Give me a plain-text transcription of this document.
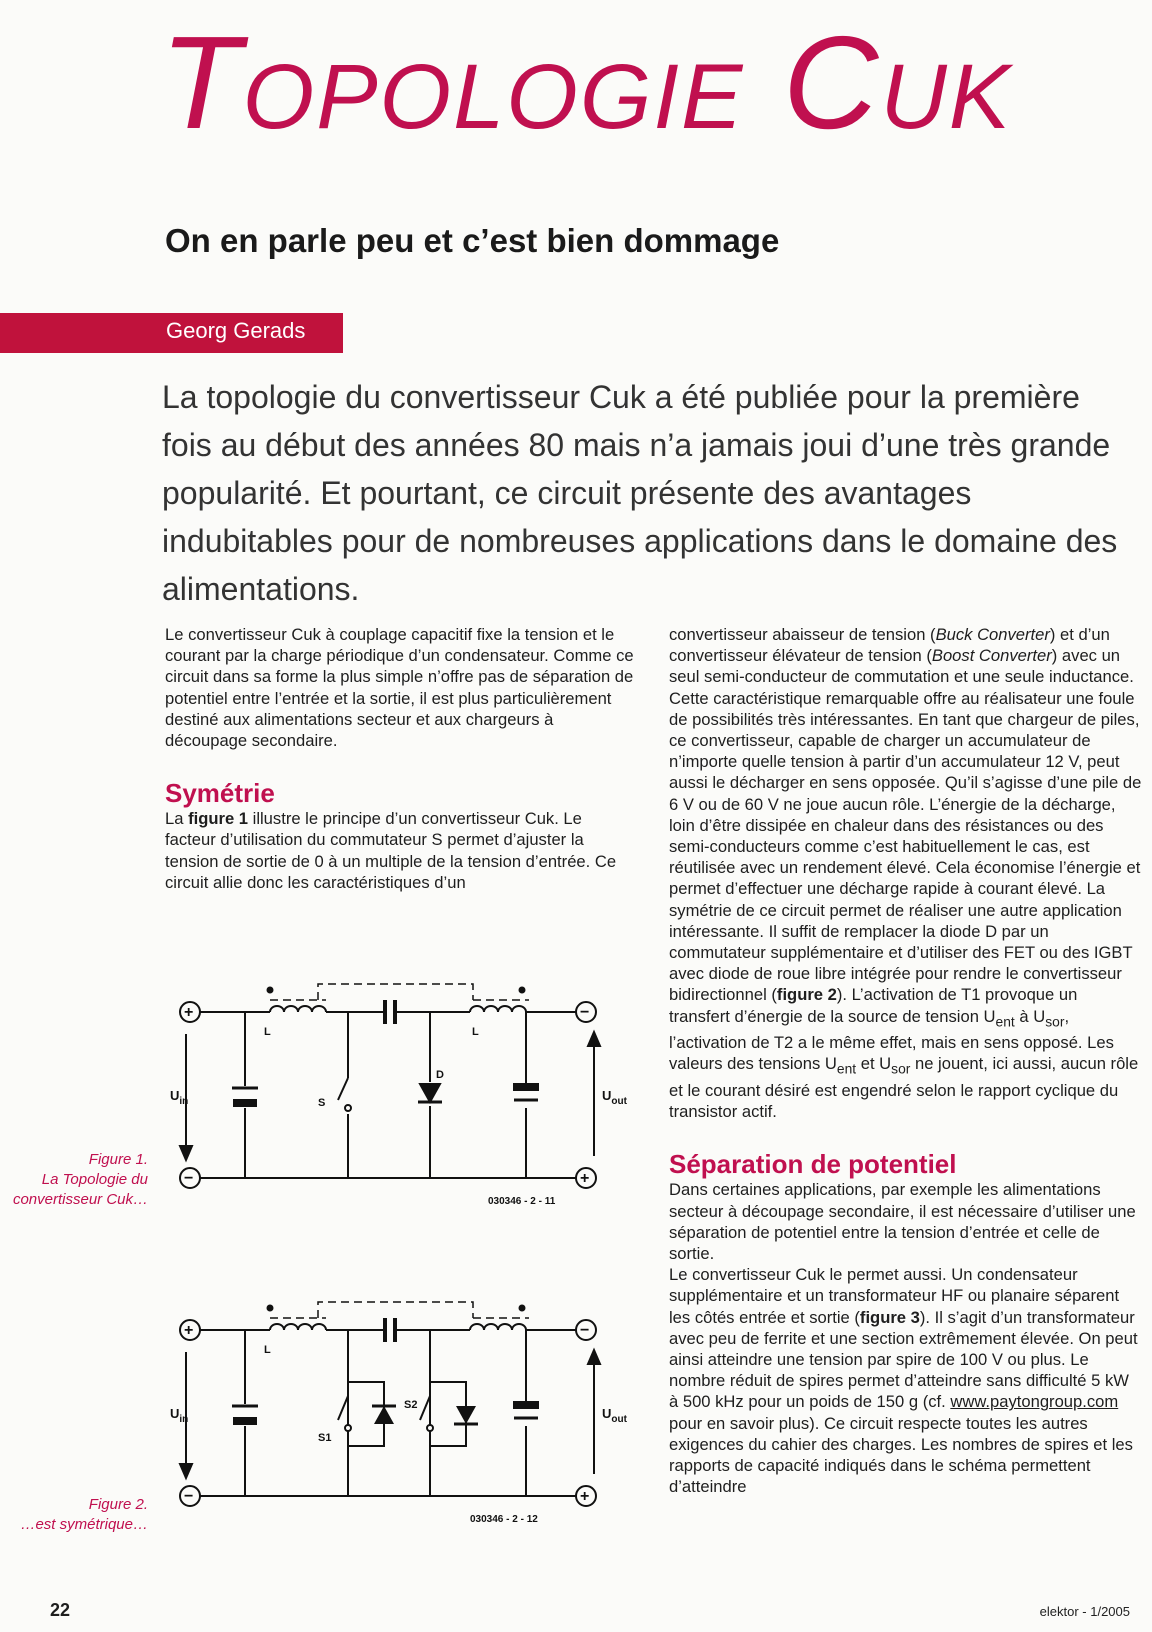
Topologie Cuk
On en parle peu et c’est bien dommage
Georg Gerads
La topologie du convertisseur Cuk a été publiée pour la première fois au début des années 80 mais n’a jamais joui d’une très grande popularité. Et pourtant, ce circuit présente des avantages indubitables pour de nombreuses applications dans le domaine des alimentations.

Le convertisseur Cuk à couplage capacitif fixe la tension et le courant par la charge périodique d’un condensateur. Comme ce circuit dans sa forme la plus simple n’offre pas de séparation de potentiel entre l’entrée et la sortie, il est plus particulièrement destiné aux alimentations secteur et aux chargeurs à découpage secondaire.

Symétrie

La figure 1 illustre le principe d’un convertisseur Cuk. Le facteur d’utilisation du commutateur S permet d’ajuster la tension de sortie de 0 à un multiple de la tension d’entrée. Ce circuit allie donc les caractéristiques d’un

convertisseur abaisseur de tension (Buck Converter) et d’un convertisseur élévateur de tension (Boost Converter) avec un seul semi-conducteur de commutation et une seule inductance. Cette caractéristique remarquable offre au réalisateur une foule de possibilités très intéressantes. En tant que chargeur de piles, ce convertisseur, capable de charger un accumulateur de n’importe quelle tension à partir d’un accumulateur 12 V, peut aussi le décharger en sens opposée. Qu’il s’agisse d’une pile de 6 V ou de 60 V ne joue aucun rôle. L’énergie de la décharge, loin d’être dissipée en chaleur dans des résistances ou des semi-conducteurs comme c’est habituellement le cas, est réutilisée avec un rendement élevé. Cela économise l’énergie et permet d’effectuer une décharge rapide à courant élevé. La symétrie de ce circuit permet de réaliser une autre application intéressante. Il suffit de remplacer la diode D par un commutateur supplémentaire et d’utiliser des FET ou des IGBT avec diode de roue libre intégrée pour rendre le convertisseur bidirectionnel (figure 2). L’activation de T1 provoque un transfert d’énergie de la source de tension $U_{ent}$ à $U_{sor}$, l’activation de T2 a le même effet, mais en sens opposé. Les valeurs des tensions $U_{ent}$ et $U_{sor}$ ne jouent, ici aussi, aucun rôle et le courant désiré est engendré selon le rapport cyclique du transistor actif.

Séparation de potentiel

Dans certaines applications, par exemple les alimentations secteur à découpage secondaire, il est nécessaire d’utiliser une séparation de potentiel entre la tension d’entrée et celle de sortie.

Le convertisseur Cuk le permet aussi. Un condensateur supplémentaire et un transformateur HF ou planaire séparent les côtés entrée et sortie (figure 3). Il s’agit d’un transformateur avec peu de ferrite et une section extrêmement élevée. On peut ainsi atteindre une tension par spire de 100 V ou plus. Le nombre réduit de spires permet d’atteindre sans difficulté 5 kW à 500 kHz pour un poids de 150 g (cf. www.paytongroup.com pour en savoir plus). Ce circuit respecte toutes les autres exigences du cahier des charges. Les nombres de spires et les rapports de capacité indiqués dans le schéma permettent d’atteindre

Figure 1.
La Topologie du
convertisseur Cuk…
+
−
−
+
$U_{in}$	$U_{out}$
L	L
S
D
030346 - 2 - 11
Figure 2.
…est symétrique…
+
−
−
+
$U_{in}$	$U_{out}$
L
S1
S2
030346 - 2 - 12
22	elektor - 1/2005
